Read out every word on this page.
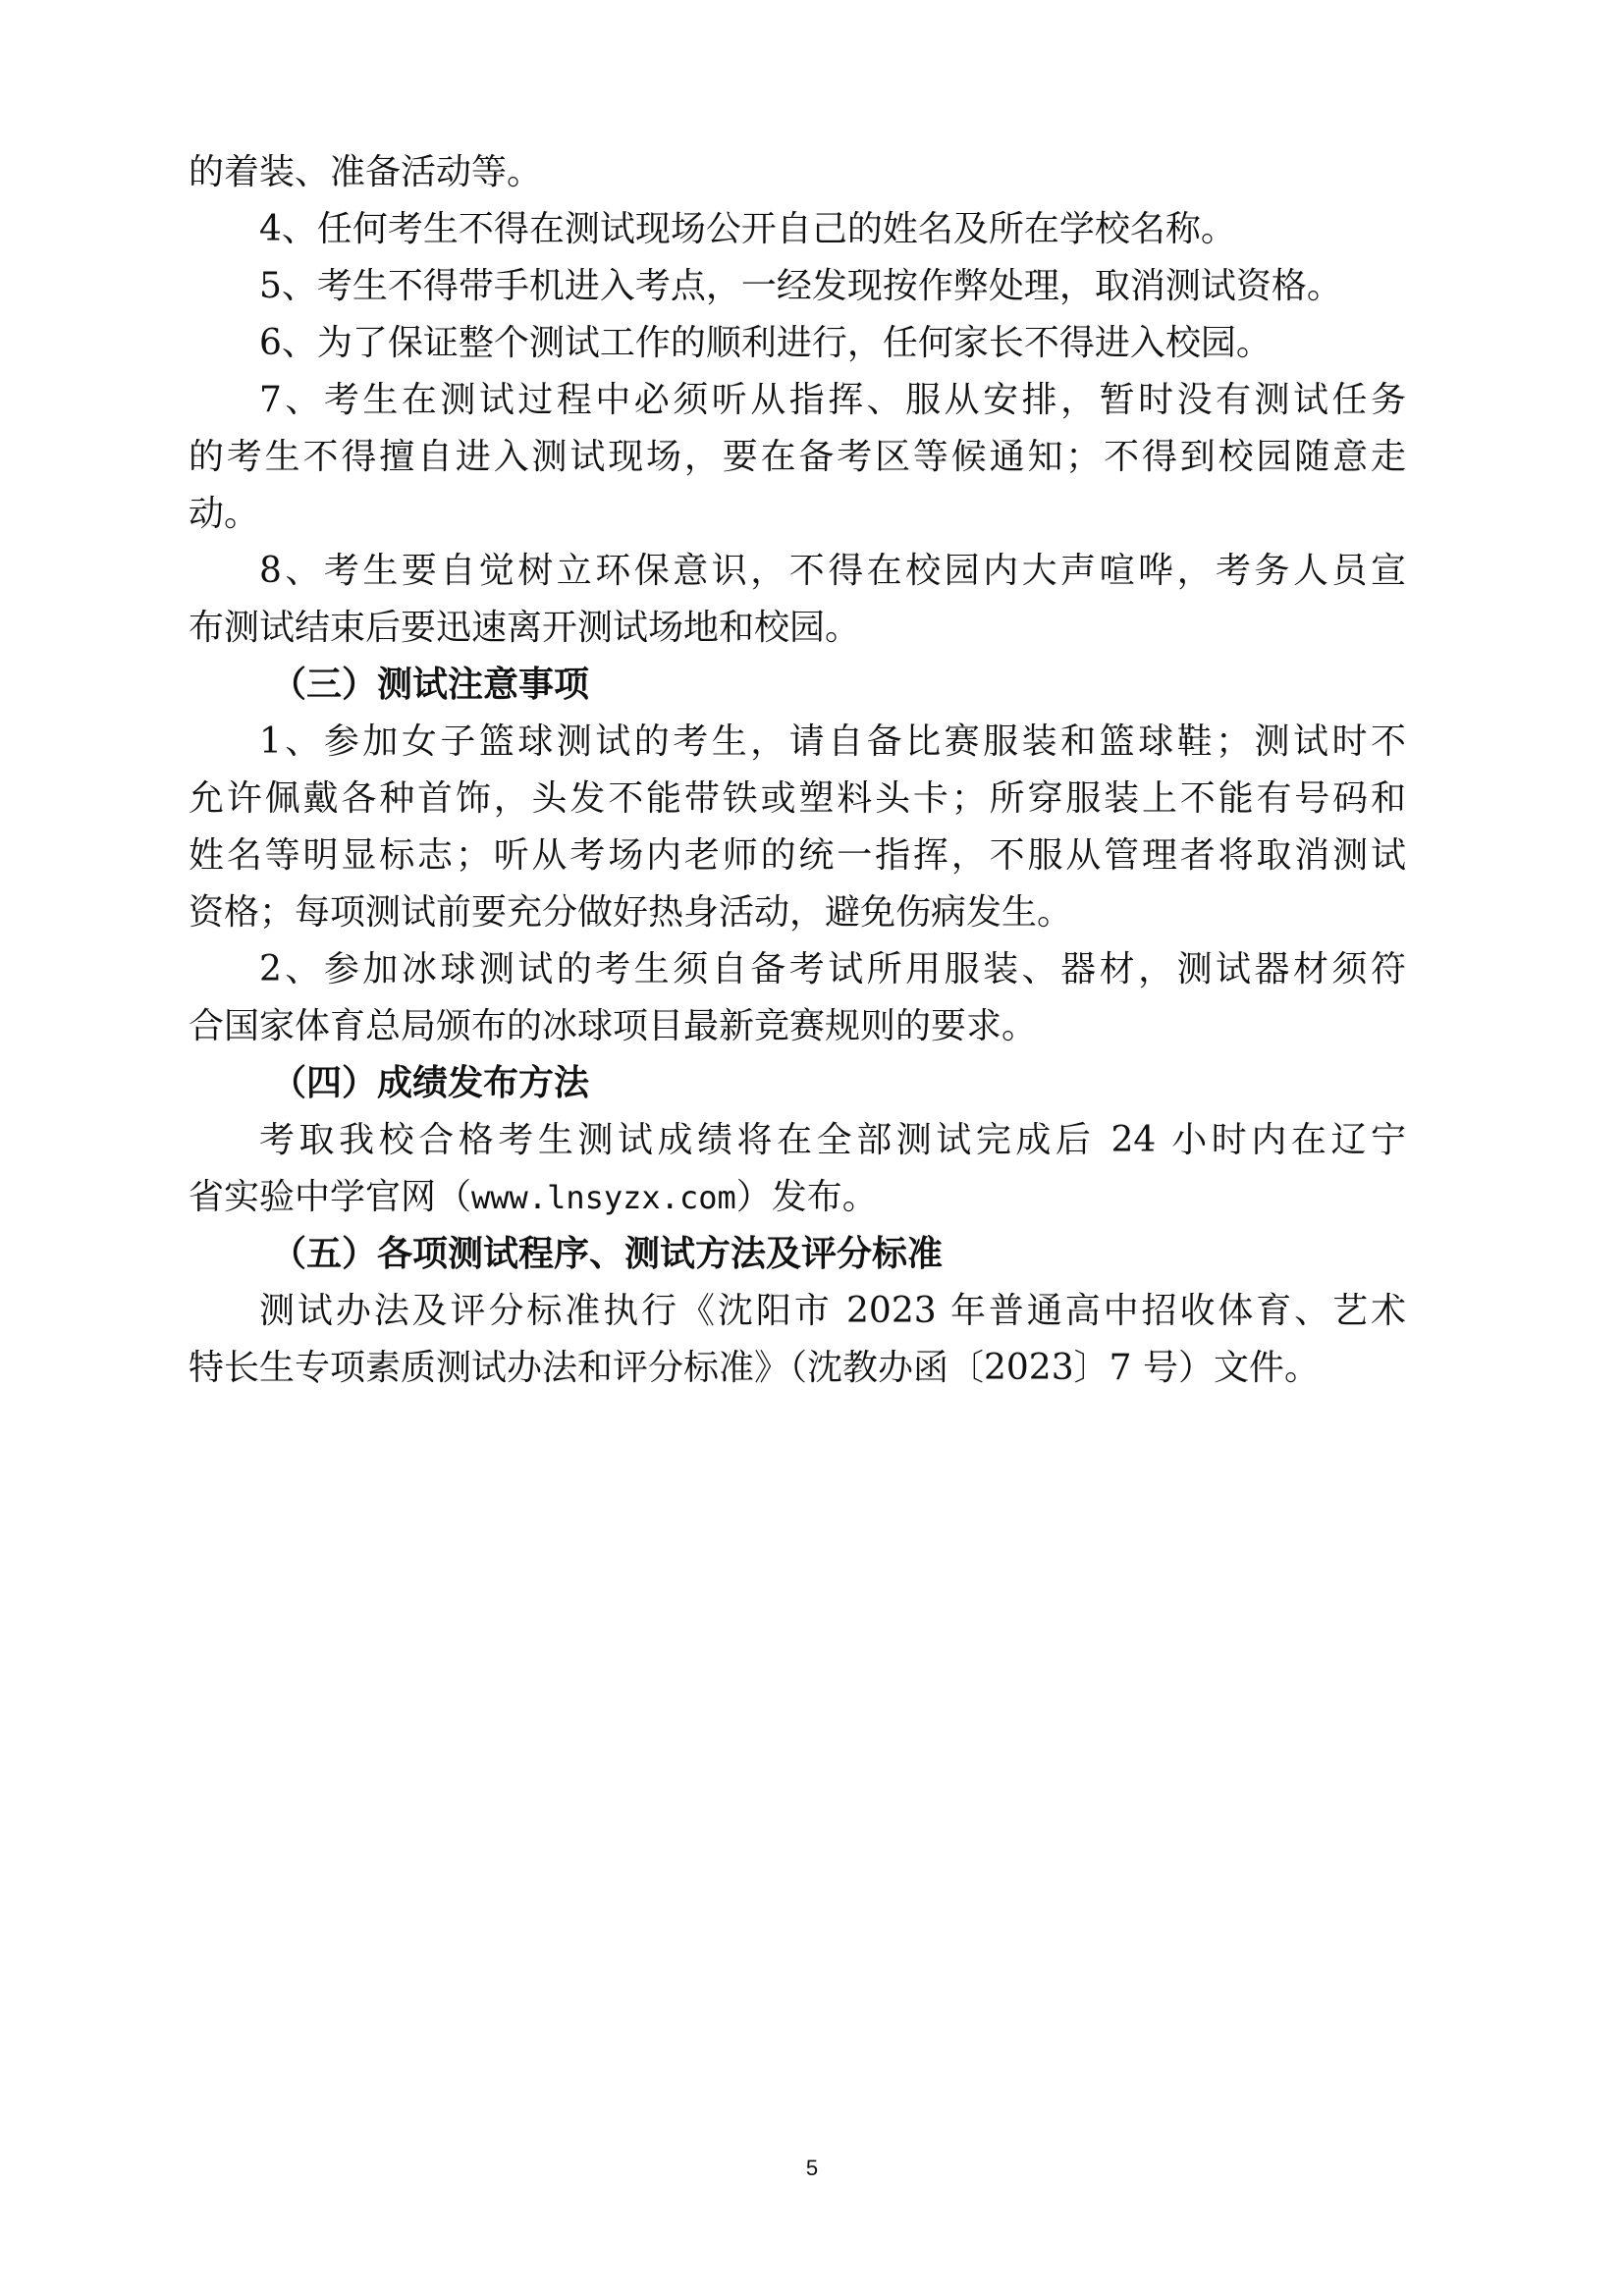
的着装、准备活动等。
4、任何考生不得在测试现场公开自己的姓名及所在学校名称。
5、考生不得带手机进入考点，一经发现按作弊处理，取消测试资格。
6、为了保证整个测试工作的顺利进行，任何家长不得进入校园。
7、考生在测试过程中必须听从指挥、服从安排，暂时没有测试任务
的考生不得擅自进入测试现场，要在备考区等候通知；不得到校园随意走
动。
8、考生要自觉树立环保意识，不得在校园内大声喧哗，考务人员宣
布测试结束后要迅速离开测试场地和校园。
（三）测试注意事项
1、参加女子篮球测试的考生，请自备比赛服装和篮球鞋；测试时不
允许佩戴各种首饰，头发不能带铁或塑料头卡；所穿服装上不能有号码和
姓名等明显标志；听从考场内老师的统一指挥，不服从管理者将取消测试
资格；每项测试前要充分做好热身活动，避免伤病发生。
2、参加冰球测试的考生须自备考试所用服装、器材，测试器材须符
合国家体育总局颁布的冰球项目最新竞赛规则的要求。
（四）成绩发布方法
考取我校合格考生测试成绩将在全部测试完成后 24 小时内在辽宁
省实验中学官网（www.lnsyzx.com）发布。
（五）各项测试程序、测试方法及评分标准
测试办法及评分标准执行《沈阳市 2023 年普通高中招收体育、艺术
特长生专项素质测试办法和评分标准》（沈教办函〔2023〕7 号）文件。
5
